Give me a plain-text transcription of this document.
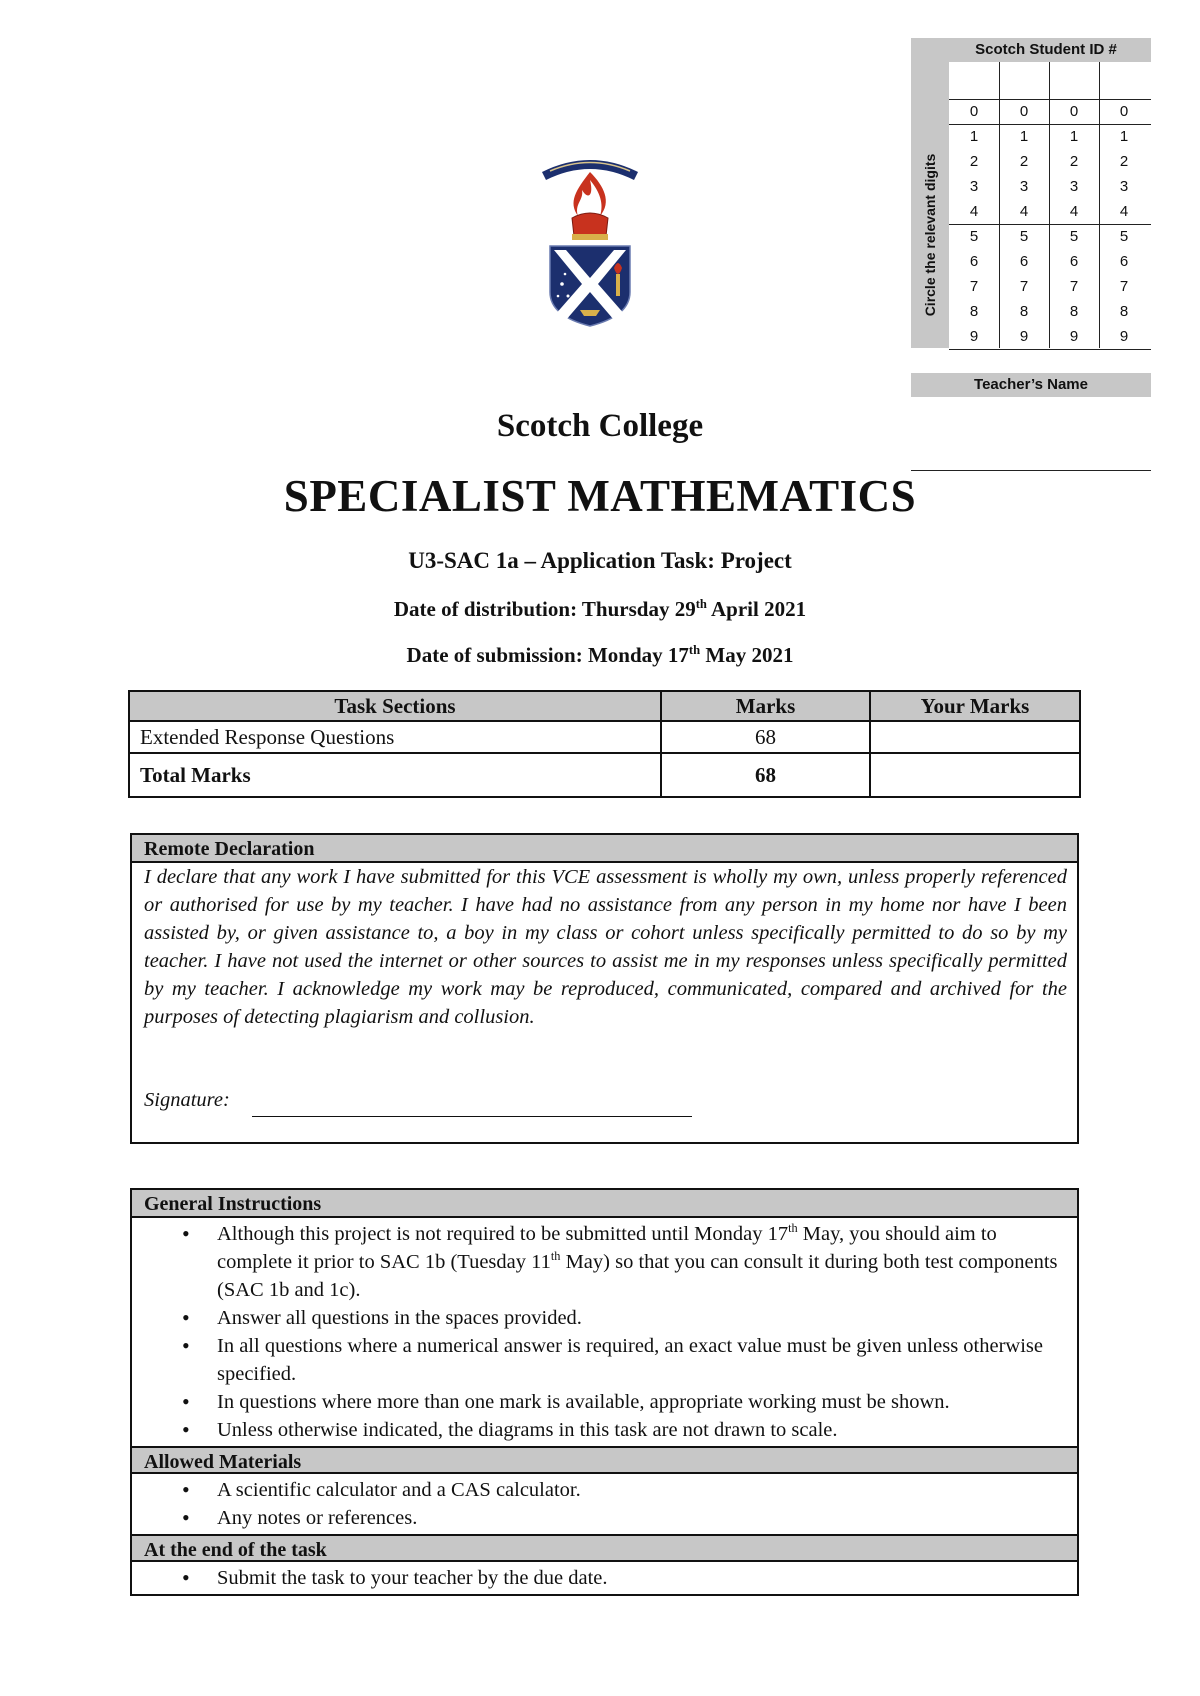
Scotch Student ID #
Circle the relevant digits
0	0	0	0
1	1	1	1
2	2	2	2
3	3	3	3
4	4	4	4
5	5	5	5
6	6	6	6
7	7	7	7
8	8	8	8
9	9	9	9
Teacher’s Name
Scotch College
SPECIALIST MATHEMATICS
U3-SAC 1a – Application Task: Project
Date of distribution: Thursday 29th April 2021
Date of submission: Monday 17th May 2021
Task Sections	Marks	Your Marks
Extended Response Questions	68	
Total Marks	68	
Remote Declaration

I declare that any work I have submitted for this VCE assessment is wholly my own, unless properly referenced or authorised for use by my teacher. I have had no assistance from any person in my home nor have I been assisted by, or given assistance to, a boy in my class or cohort unless specifically permitted to do so by my teacher. I have not used the internet or other sources to assist me in my responses unless specifically permitted by my teacher. I acknowledge my work may be reproduced, communicated, compared and archived for the purposes of detecting plagiarism and collusion.

Signature:
General Instructions
• Although this project is not required to be submitted until Monday 17th May, you should aim to complete it prior to SAC 1b (Tuesday 11th May) so that you can consult it during both test components (SAC 1b and 1c).
• Answer all questions in the spaces provided.
• In all questions where a numerical answer is required, an exact value must be given unless otherwise specified.
• In questions where more than one mark is available, appropriate working must be shown.
• Unless otherwise indicated, the diagrams in this task are not drawn to scale.
Allowed Materials
• A scientific calculator and a CAS calculator.
• Any notes or references.
At the end of the task
• Submit the task to your teacher by the due date.
